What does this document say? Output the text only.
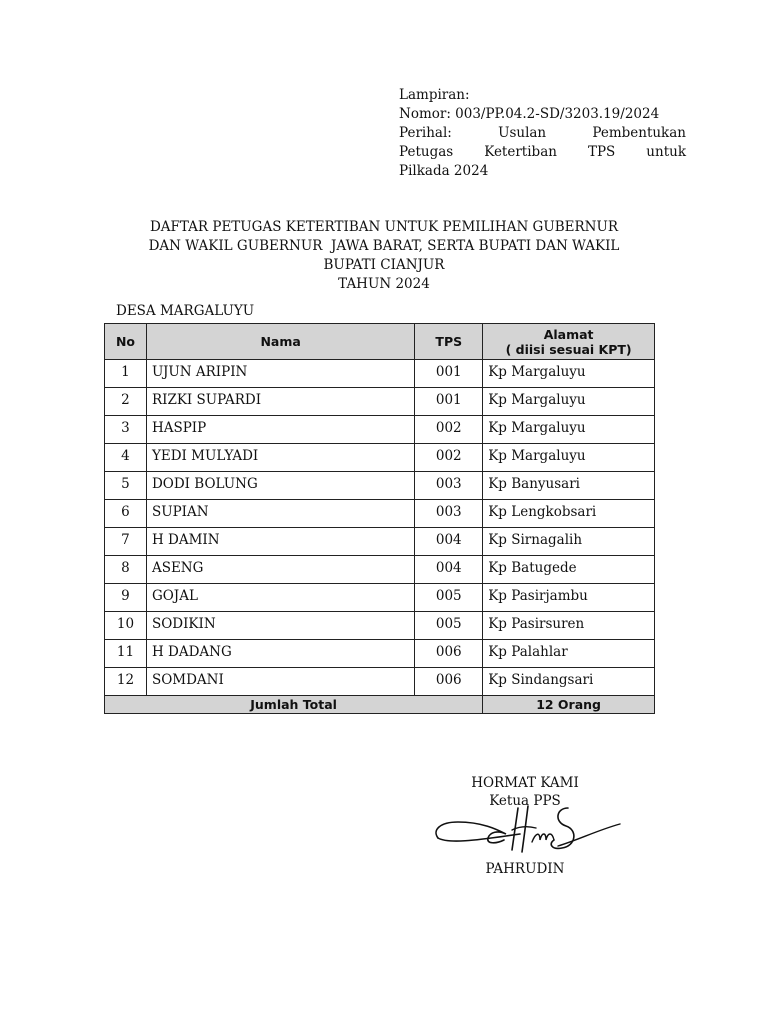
Lampiran:
Nomor: 003/PP.04.2-SD/3203.19/2024
Perihal: Usulan Pembentukan
Petugas Ketertiban TPS untuk
Pilkada 2024
DAFTAR PETUGAS KETERTIBAN UNTUK PEMILIHAN GUBERNUR
DAN WAKIL GUBERNUR  JAWA BARAT, SERTA BUPATI DAN WAKIL
BUPATI CIANJUR
TAHUN 2024
DESA MARGALUYU
No	Nama	TPS	Alamat
( diisi sesuai KPT)

1	UJUN ARIPIN	001	Kp Margaluyu
2	RIZKI SUPARDI	001	Kp Margaluyu
3	HASPIP	002	Kp Margaluyu
4	YEDI MULYADI	002	Kp Margaluyu
5	DODI BOLUNG	003	Kp Banyusari
6	SUPIAN	003	Kp Lengkobsari
7	H DAMIN	004	Kp Sirnagalih
8	ASENG	004	Kp Batugede
9	GOJAL	005	Kp Pasirjambu
10	SODIKIN	005	Kp Pasirsuren
11	H DADANG	006	Kp Palahlar
12	SOMDANI	006	Kp Sindangsari
Jumlah Total			12 Orang
HORMAT KAMI
Ketua PPS
PAHRUDIN
